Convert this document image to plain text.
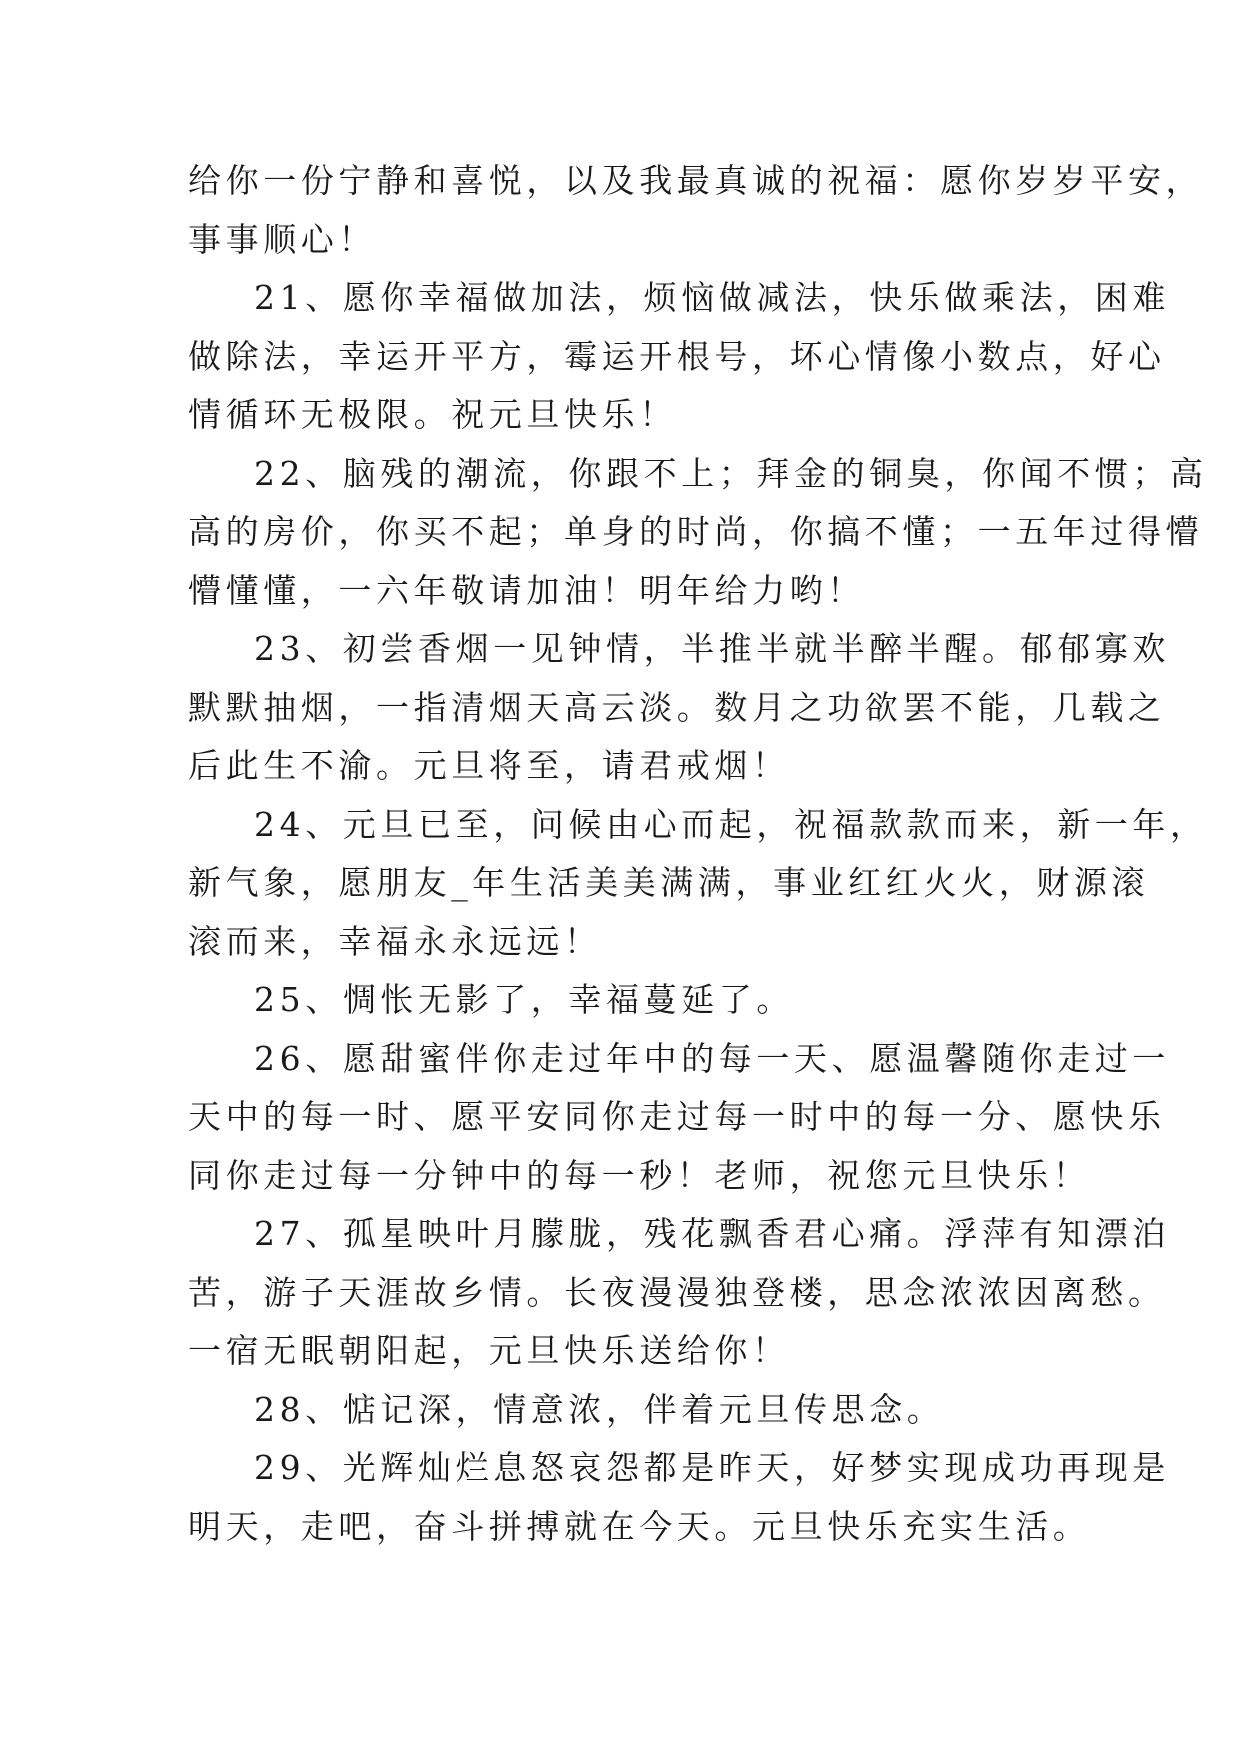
给你一份宁静和喜悦，以及我最真诚的祝福：愿你岁岁平安，
事事顺心！
21、愿你幸福做加法，烦恼做减法，快乐做乘法，困难
做除法，幸运开平方，霉运开根号，坏心情像小数点，好心
情循环无极限。祝元旦快乐！
22、脑残的潮流，你跟不上；拜金的铜臭，你闻不惯；高
高的房价，你买不起；单身的时尚，你搞不懂；一五年过得懵
懵懂懂，一六年敬请加油！明年给力哟！
23、初尝香烟一见钟情，半推半就半醉半醒。郁郁寡欢
默默抽烟，一指清烟天高云淡。数月之功欲罢不能，几载之
后此生不渝。元旦将至，请君戒烟！
24、元旦已至，问候由心而起，祝福款款而来，新一年，
新气象，愿朋友_年生活美美满满，事业红红火火，财源滚
滚而来，幸福永永远远！
25、惆怅无影了，幸福蔓延了。
26、愿甜蜜伴你走过年中的每一天、愿温馨随你走过一
天中的每一时、愿平安同你走过每一时中的每一分、愿快乐
同你走过每一分钟中的每一秒！老师，祝您元旦快乐！
27、孤星映叶月朦胧，残花飘香君心痛。浮萍有知漂泊
苦，游子天涯故乡情。长夜漫漫独登楼，思念浓浓因离愁。
一宿无眠朝阳起，元旦快乐送给你！
28、惦记深，情意浓，伴着元旦传思念。
29、光辉灿烂息怒哀怨都是昨天，好梦实现成功再现是
明天，走吧，奋斗拼搏就在今天。元旦快乐充实生活。
